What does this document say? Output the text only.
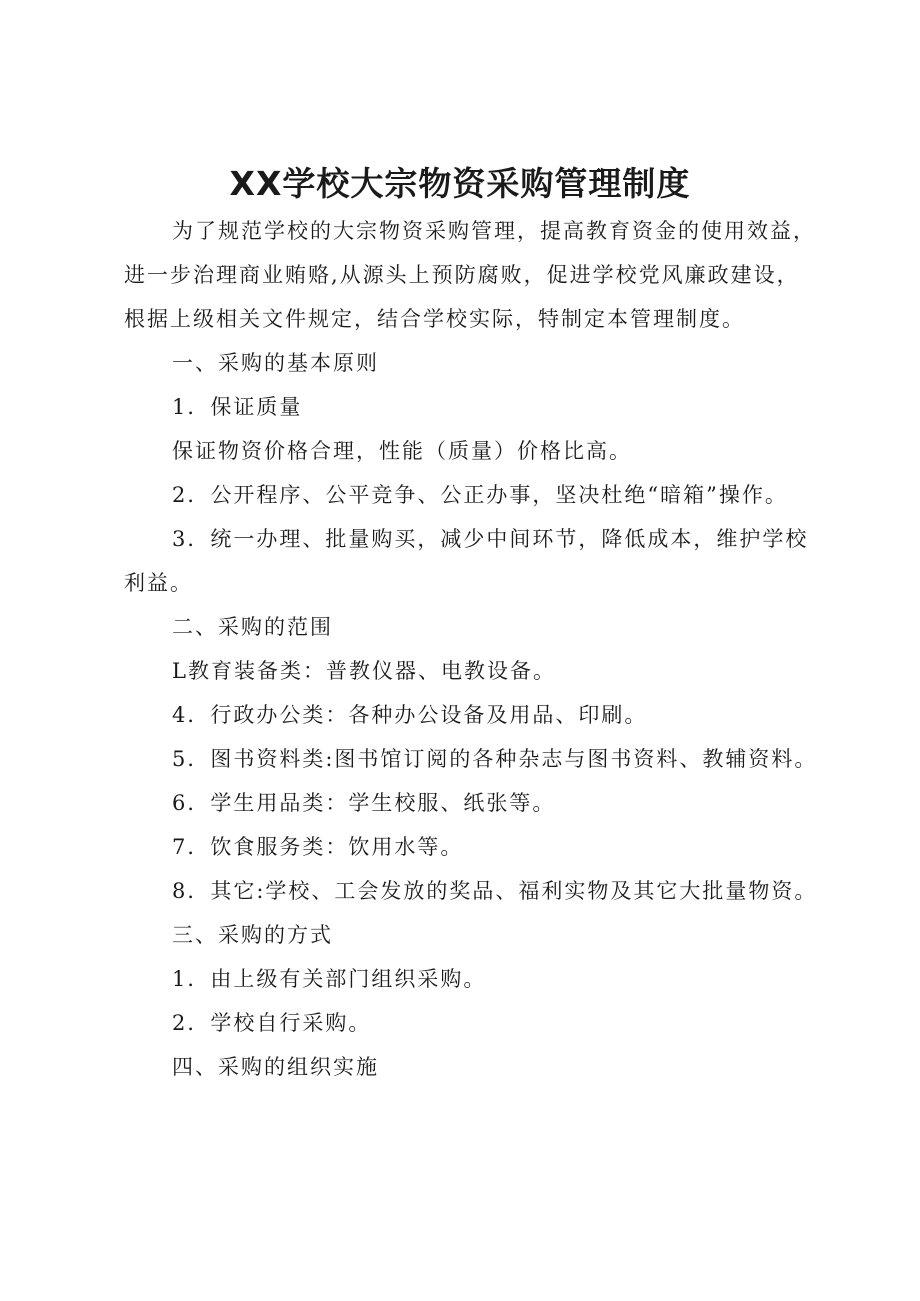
XX学校大宗物资采购管理制度
为了规范学校的大宗物资采购管理，提高教育资金的使用效益，
进一步治理商业贿赂,从源头上预防腐败，促进学校党风廉政建设，
根据上级相关文件规定，结合学校实际，特制定本管理制度。
一、采购的基本原则
1．保证质量
保证物资价格合理，性能（质量）价格比高。
2．公开程序、公平竞争、公正办事，坚决杜绝“暗箱”操作。
3．统一办理、批量购买，减少中间环节，降低成本，维护学校
利益。
二、采购的范围
L教育装备类：普教仪器、电教设备。
4．行政办公类：各种办公设备及用品、印刷。
5．图书资料类:图书馆订阅的各种杂志与图书资料、教辅资料。
6．学生用品类：学生校服、纸张等。
7．饮食服务类：饮用水等。
8．其它:学校、工会发放的奖品、福利实物及其它大批量物资。
三、采购的方式
1．由上级有关部门组织采购。
2．学校自行采购。
四、采购的组织实施
